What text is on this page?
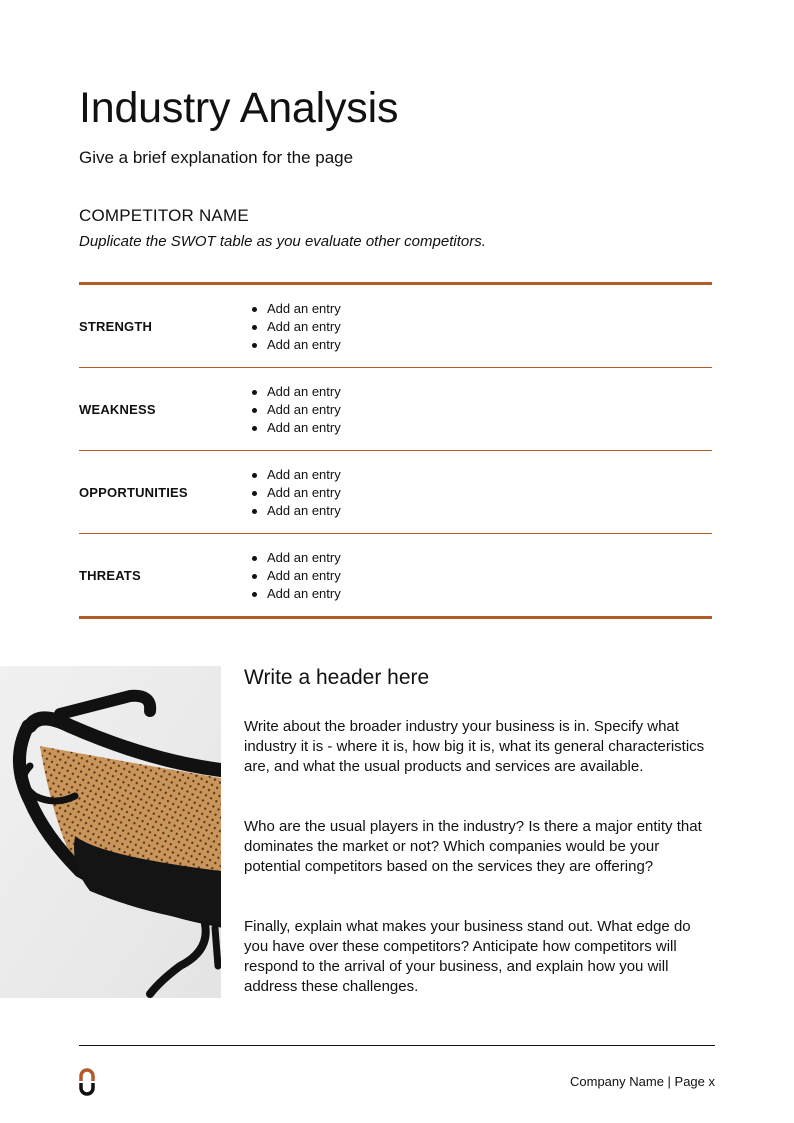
Industry Analysis
Give a brief explanation for the page
COMPETITOR NAME
Duplicate the SWOT table as you evaluate other competitors.
STRENGTH
Add an entry
Add an entry
Add an entry
WEAKNESS
Add an entry
Add an entry
Add an entry
OPPORTUNITIES
Add an entry
Add an entry
Add an entry
THREATS
Add an entry
Add an entry
Add an entry
Write a header here

Write about the broader industry your business is in. Specify what industry it is - where it is, how big it is, what its general characteristics are, and what the usual products and services are available.

Who are the usual players in the industry? Is there a major entity that dominates the market or not? Which companies would be your potential competitors based on the services they are offering?

Finally, explain what makes your business stand out. What edge do you have over these competitors? Anticipate how competitors will respond to the arrival of your business, and explain how you will address these challenges.

Company Name | Page x
